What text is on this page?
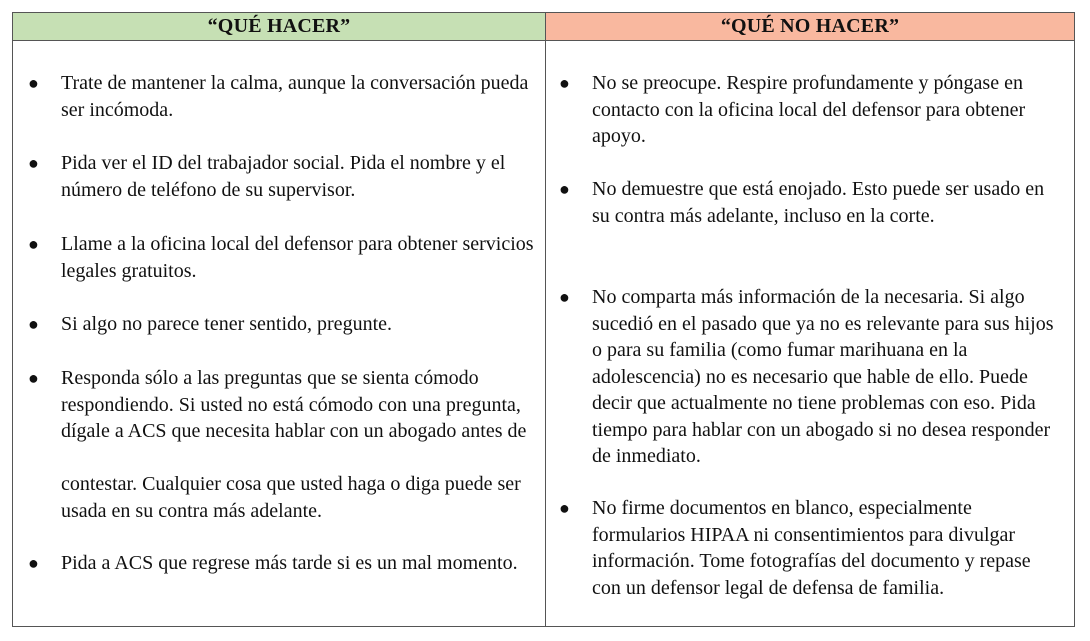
“QUÉ HACER”
● Trate de mantener la calma, aunque la conversación pueda ser incómoda.
● Pida ver el ID del trabajador social. Pida el nombre y el número de teléfono de su supervisor.
● Llame a la oficina local del defensor para obtener servicios legales gratuitos.
● Si algo no parece tener sentido, pregunte.
● Responda sólo a las preguntas que se sienta cómodo respondiendo. Si usted no está cómodo con una pregunta, dígale a ACS que necesita hablar con un abogado antes de
contestar. Cualquier cosa que usted haga o diga puede ser usada en su contra más adelante.
● Pida a ACS que regrese más tarde si es un mal momento.
“QUÉ NO HACER”
● No se preocupe. Respire profundamente y póngase en contacto con la oficina local del defensor para obtener apoyo.
● No demuestre que está enojado. Esto puede ser usado en su contra más adelante, incluso en la corte.
● No comparta más información de la necesaria. Si algo sucedió en el pasado que ya no es relevante para sus hijos o para su familia (como fumar marihuana en la adolescencia) no es necesario que hable de ello. Puede decir que actualmente no tiene problemas con eso. Pida tiempo para hablar con un abogado si no desea responder de inmediato.
● No firme documentos en blanco, especialmente formularios HIPAA ni consentimientos para divulgar información. Tome fotografías del documento y repase con un defensor legal de defensa de familia.
